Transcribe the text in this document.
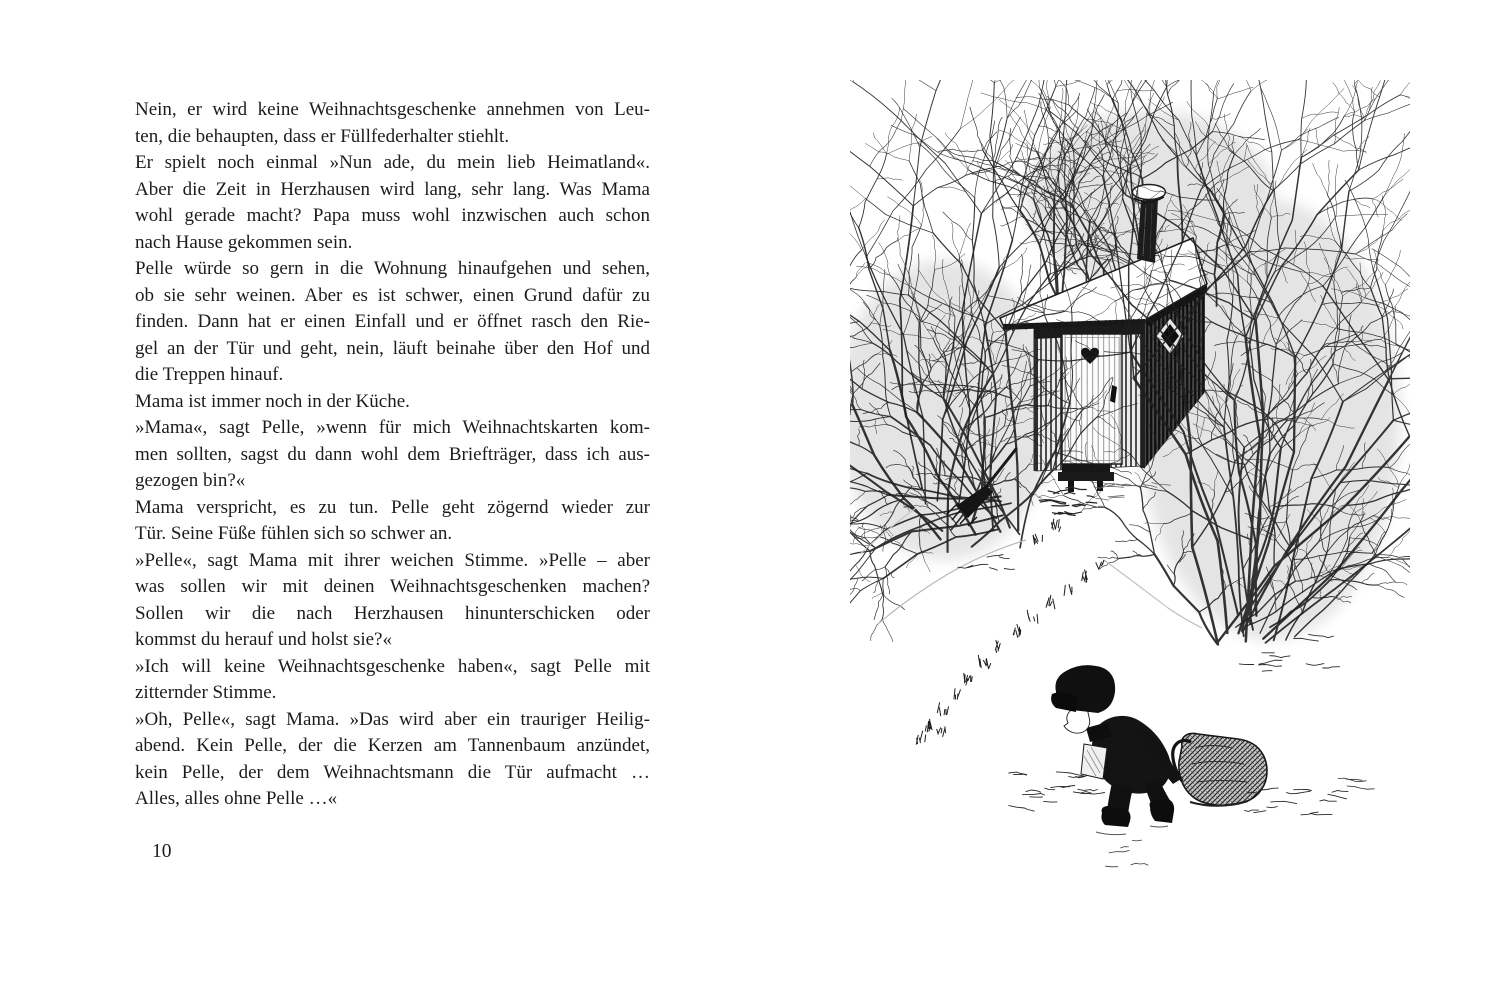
Nein, er wird keine Weihnachtsgeschenke annehmen von Leu-
ten, die behaupten, dass er Füllfederhalter stiehlt.
Er spielt noch einmal »Nun ade, du mein lieb Heimatland«.
Aber die Zeit in Herzhausen wird lang, sehr lang. Was Mama
wohl gerade macht? Papa muss wohl inzwischen auch schon
nach Hause gekommen sein.
Pelle würde so gern in die Wohnung hinaufgehen und sehen,
ob sie sehr weinen. Aber es ist schwer, einen Grund dafür zu
finden. Dann hat er einen Einfall und er öffnet rasch den Rie-
gel an der Tür und geht, nein, läuft beinahe über den Hof und
die Treppen hinauf.
Mama ist immer noch in der Küche.
»Mama«, sagt Pelle, »wenn für mich Weihnachtskarten kom-
men sollten, sagst du dann wohl dem Briefträger, dass ich aus-
gezogen bin?«
Mama verspricht, es zu tun. Pelle geht zögernd wieder zur
Tür. Seine Füße fühlen sich so schwer an.
»Pelle«, sagt Mama mit ihrer weichen Stimme. »Pelle – aber
was sollen wir mit deinen Weihnachtsgeschenken machen?
Sollen wir die nach Herzhausen hinunterschicken oder
kommst du herauf und holst sie?«
»Ich will keine Weihnachtsgeschenke haben«, sagt Pelle mit
zitternder Stimme.
»Oh, Pelle«, sagt Mama. »Das wird aber ein trauriger Heilig-
abend. Kein Pelle, der die Kerzen am Tannenbaum anzündet,
kein Pelle, der dem Weihnachtsmann die Tür aufmacht …
Alles, alles ohne Pelle …«
10
